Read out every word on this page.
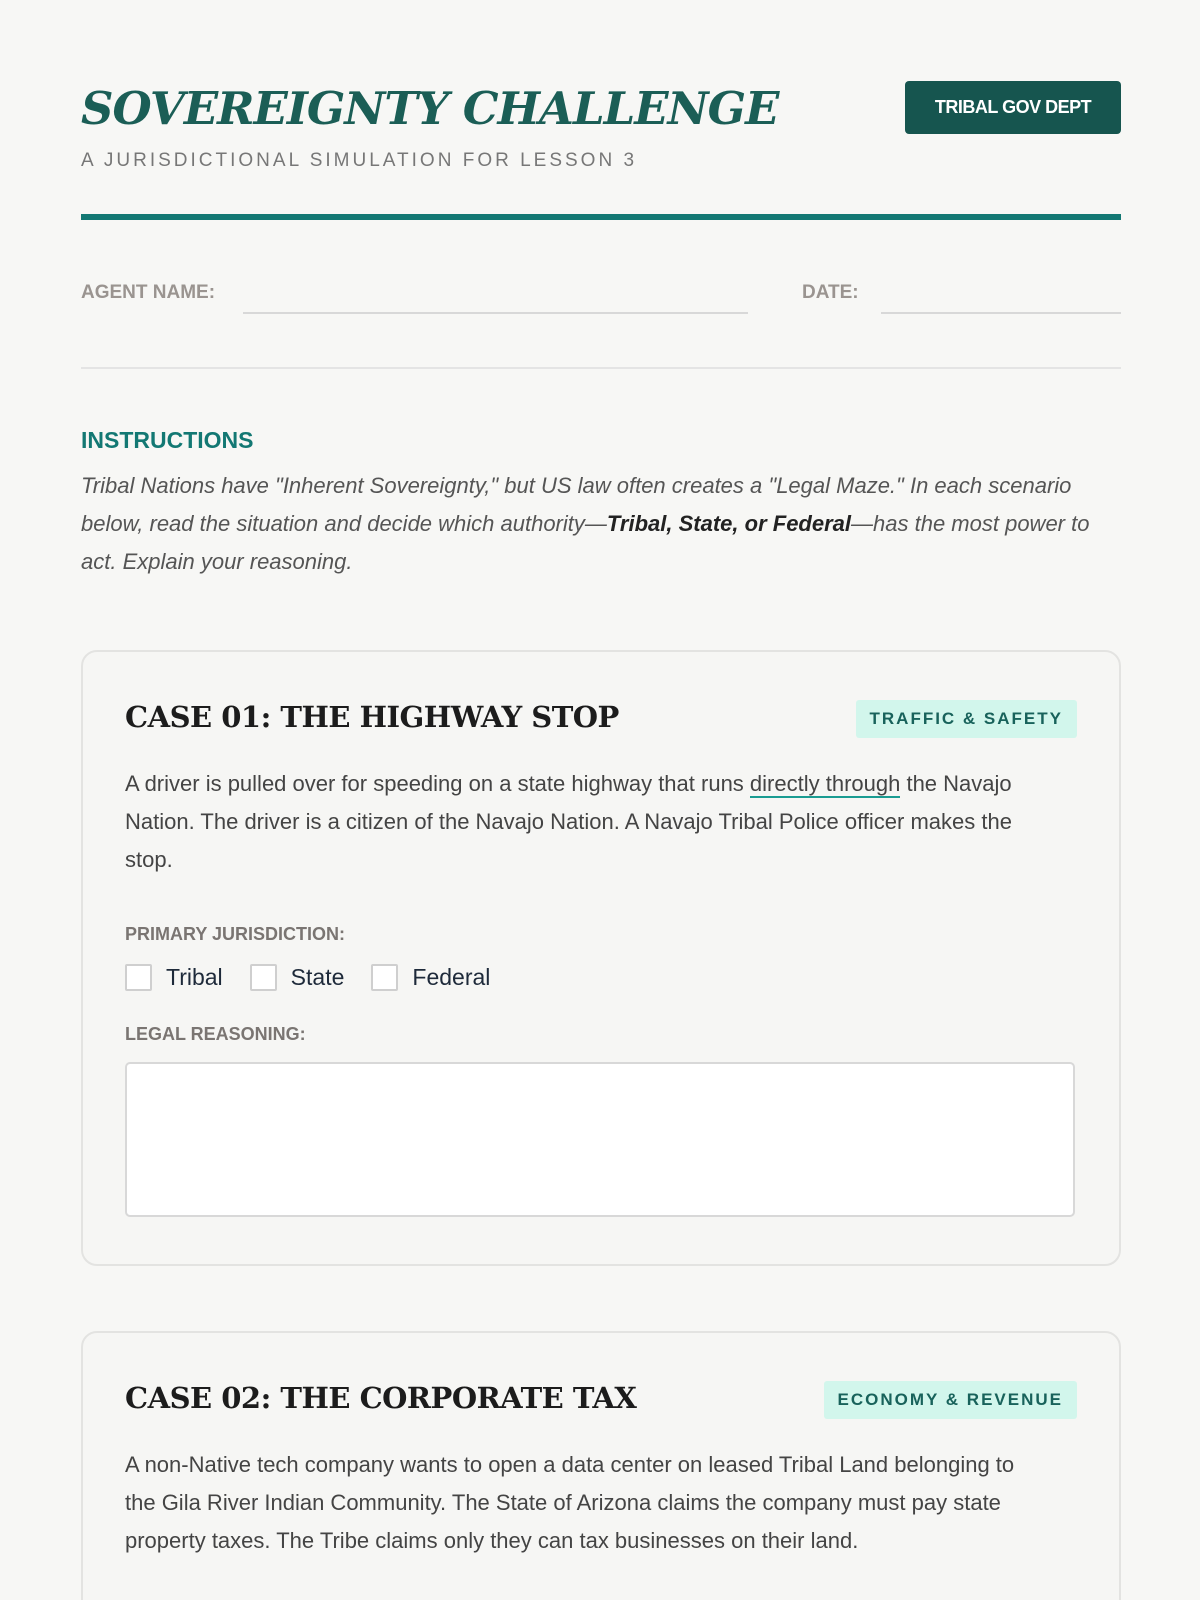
SOVEREIGNTY CHALLENGE
A JURISDICTIONAL SIMULATION FOR LESSON 3
TRIBAL GOV DEPT
AGENT NAME:	DATE:
INSTRUCTIONS

Tribal Nations have "Inherent Sovereignty," but US law often creates a "Legal Maze." In each scenario below, read the situation and decide which authority—Tribal, State, or Federal—has the most power to act. Explain your reasoning.

CASE 01: THE HIGHWAY STOP	TRAFFIC & SAFETY

A driver is pulled over for speeding on a state highway that runs directly through the Navajo Nation. The driver is a citizen of the Navajo Nation. A Navajo Tribal Police officer makes the stop.

PRIMARY JURISDICTION:
Tribal	State	Federal
LEGAL REASONING:
CASE 02: THE CORPORATE TAX	ECONOMY & REVENUE

A non-Native tech company wants to open a data center on leased Tribal Land belonging to the Gila River Indian Community. The State of Arizona claims the company must pay state property taxes. The Tribe claims only they can tax businesses on their land.
